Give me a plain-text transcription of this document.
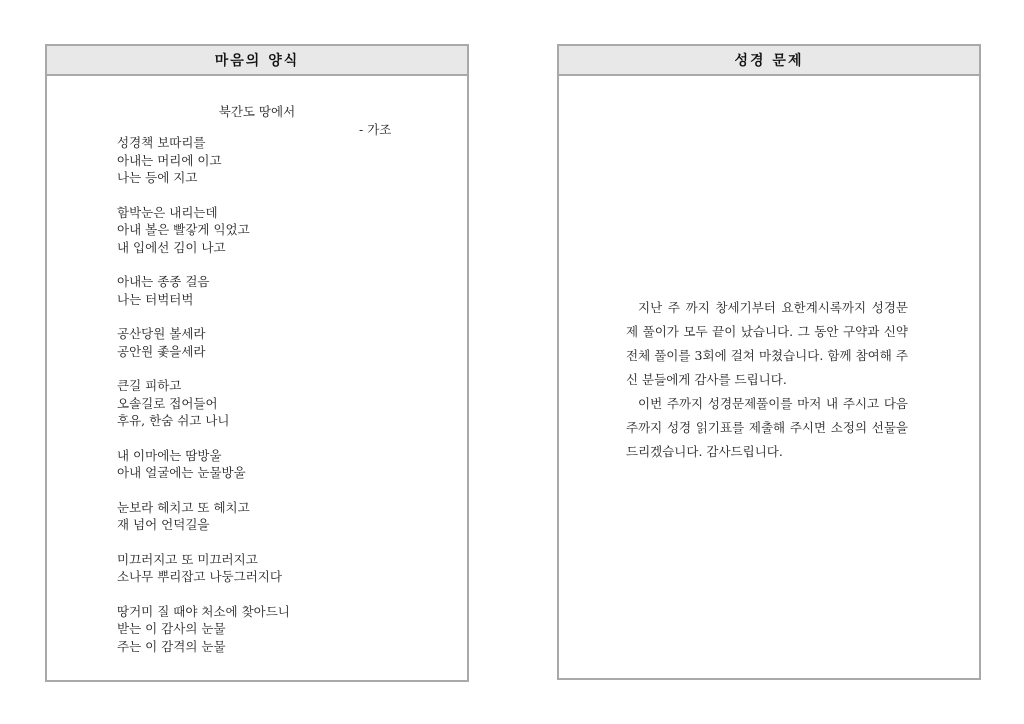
마음의 양식
북간도 땅에서
- 가조
성경책 보따리를
아내는 머리에 이고
나는 등에 지고
함박눈은 내리는데
아내 볼은 빨갛게 익었고
내 입에선 김이 나고
아내는 종종 걸음
나는 터벅터벅
공산당원 볼세라
공안원 좇을세라
큰길 피하고
오솔길로 접어들어
후유, 한숨 쉬고 나니
내 이마에는 땀방울
아내 얼굴에는 눈물방울
눈보라 헤치고 또 헤치고
재 넘어 언덕길을
미끄러지고 또 미끄러지고
소나무 뿌리잡고 나둥그러지다
땅거미 질 때야 처소에 찾아드니
받는 이 감사의 눈물
주는 이 감격의 눈물
성경 문제

지난 주 까지 창세기부터 요한계시록까지 성경문제 풀이가 모두 끝이 났습니다. 그 동안 구약과 신약 전체 풀이를 3회에 걸쳐 마쳤습니다. 함께 참여해 주신 분들에게 감사를 드립니다.

이번 주까지 성경문제풀이를 마저 내 주시고 다음 주까지 성경 읽기표를 제출해 주시면 소정의 선물을 드리겠습니다. 감사드립니다.
